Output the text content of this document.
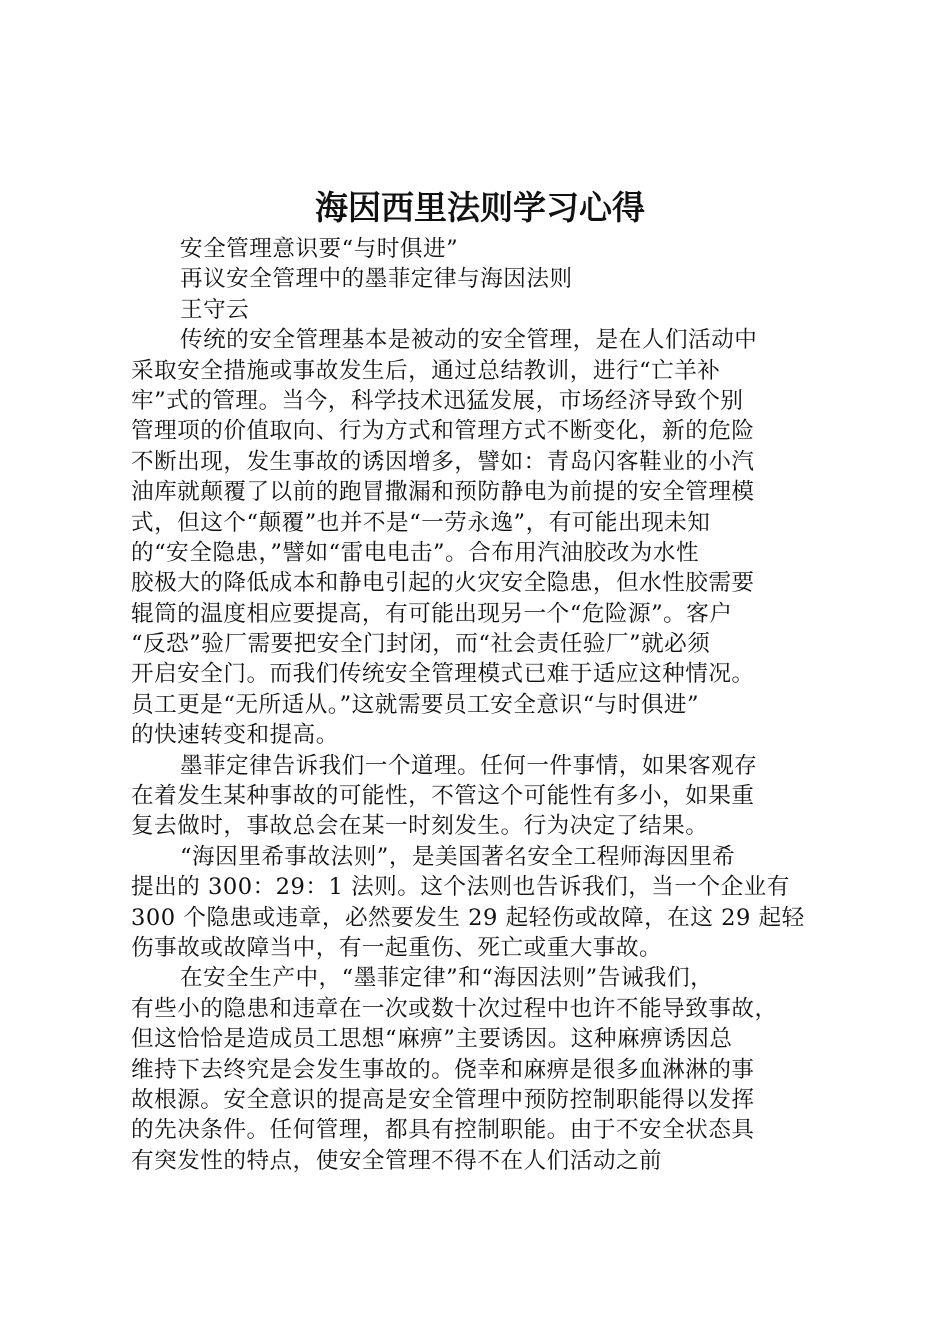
海因西里法则学习心得
安全管理意识要“与时俱进”
再议安全管理中的墨菲定律与海因法则
王守云
传统的安全管理基本是被动的安全管理，是在人们活动中
采取安全措施或事故发生后，通过总结教训，进行“亡羊补
牢”式的管理。当今，科学技术迅猛发展，市场经济导致个别
管理项的价值取向、行为方式和管理方式不断变化，新的危险
不断出现，发生事故的诱因增多，譬如：青岛闪客鞋业的小汽
油库就颠覆了以前的跑冒撒漏和预防静电为前提的安全管理模
式，但这个“颠覆”也并不是“一劳永逸”，有可能出现未知
的“安全隐患，”譬如“雷电电击”。合布用汽油胶改为水性
胶极大的降低成本和静电引起的火灾安全隐患，但水性胶需要
辊筒的温度相应要提高，有可能出现另一个“危险源”。客户
“反恐”验厂需要把安全门封闭，而“社会责任验厂”就必须
开启安全门。而我们传统安全管理模式已难于适应这种情况。
员工更是“无所适从。”这就需要员工安全意识“与时俱进”
的快速转变和提高。
墨菲定律告诉我们一个道理。任何一件事情，如果客观存
在着发生某种事故的可能性，不管这个可能性有多小，如果重
复去做时，事故总会在某一时刻发生。行为决定了结果。
“海因里希事故法则”，是美国著名安全工程师海因里希
提出的 300：29：1 法则。这个法则也告诉我们，当一个企业有
300 个隐患或违章，必然要发生 29 起轻伤或故障，在这 29 起轻
伤事故或故障当中，有一起重伤、死亡或重大事故。
在安全生产中，“墨菲定律”和“海因法则”告诫我们，
有些小的隐患和违章在一次或数十次过程中也许不能导致事故，
但这恰恰是造成员工思想“麻痹”主要诱因。这种麻痹诱因总
维持下去终究是会发生事故的。侥幸和麻痹是很多血淋淋的事
故根源。安全意识的提高是安全管理中预防控制职能得以发挥
的先决条件。任何管理，都具有控制职能。由于不安全状态具
有突发性的特点，使安全管理不得不在人们活动之前
